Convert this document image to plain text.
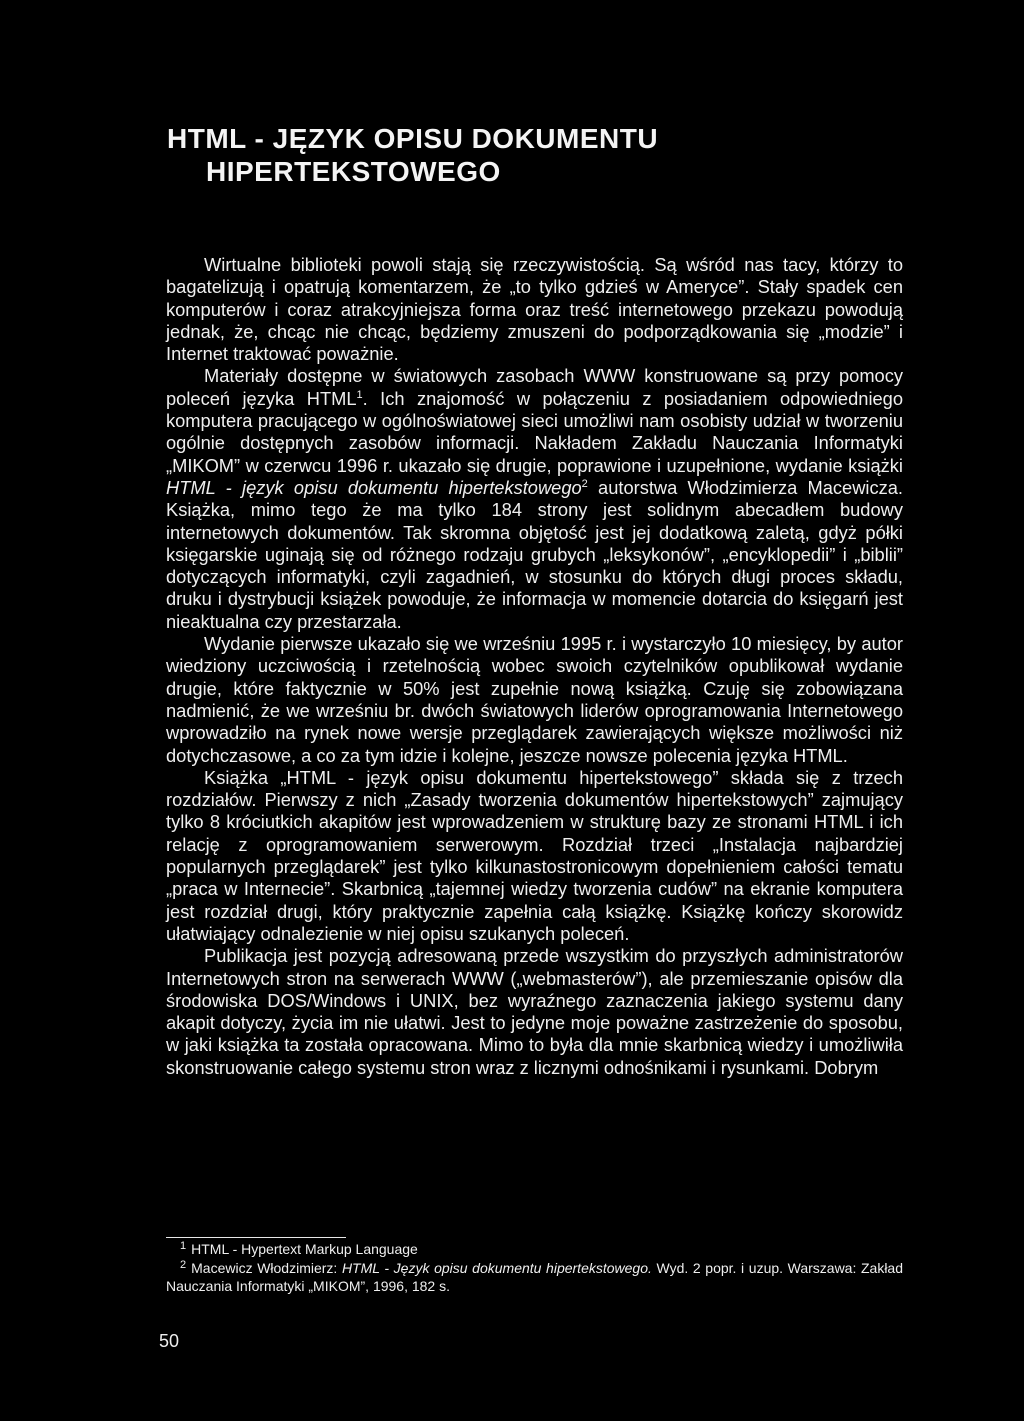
HTML - JĘZYK OPISU DOKUMENTU
HIPERTEKSTOWEGO

Wirtualne biblioteki powoli stają się rzeczywistością. Są wśród nas tacy, którzy to bagatelizują i opatrują komentarzem, że „to tylko gdzieś w Ameryce”. Stały spadek cen komputerów i coraz atrakcyjniejsza forma oraz treść internetowego przekazu powodują jednak, że, chcąc nie chcąc, będziemy zmuszeni do podporządkowania się „modzie” i Internet traktować poważnie.

Materiały dostępne w światowych zasobach WWW konstruowane są przy pomocy poleceń języka HTML$^1$. Ich znajomość w połączeniu z posiadaniem odpowiedniego komputera pracującego w ogólnoświatowej sieci umożliwi nam osobisty udział w tworzeniu ogólnie dostępnych zasobów informacji. Nakładem Zakładu Nauczania Informatyki „MIKOM” w czerwcu 1996 r. ukazało się drugie, poprawione i uzupełnione, wydanie książki HTML - język opisu dokumentu hipertekstowego$^2$ autorstwa Włodzimierza Macewicza. Książka, mimo tego że ma tylko 184 strony jest solidnym abecadłem budowy internetowych dokumentów. Tak skromna objętość jest jej dodatkową zaletą, gdyż półki księgarskie uginają się od różnego rodzaju grubych „leksykonów”, „encyklopedii” i „biblii” dotyczących informatyki, czyli zagadnień, w stosunku do których długi proces składu, druku i dystrybucji książek powoduje, że informacja w momencie dotarcia do księgarń jest nieaktualna czy przestarzała.

Wydanie pierwsze ukazało się we wrześniu 1995 r. i wystarczyło 10 miesięcy, by autor wiedziony uczciwością i rzetelnością wobec swoich czytelników opublikował wydanie drugie, które faktycznie w 50% jest zupełnie nową książką. Czuję się zobowiązana nadmienić, że we wrześniu br. dwóch światowych liderów oprogramowania Internetowego wprowadziło na rynek nowe wersje przeglądarek zawierających większe możliwości niż dotychczasowe, a co za tym idzie i kolejne, jeszcze nowsze polecenia języka HTML.

Książka „HTML - język opisu dokumentu hipertekstowego” składa się z trzech rozdziałów. Pierwszy z nich „Zasady tworzenia dokumentów hipertekstowych” zajmujący tylko 8 króciutkich akapitów jest wprowadzeniem w strukturę bazy ze stronami HTML i ich relację z oprogramowaniem serwerowym. Rozdział trzeci „Instalacja najbardziej popularnych przeglądarek” jest tylko kilkunastostronicowym dopełnieniem całości tematu „praca w Internecie”. Skarbnicą „tajemnej wiedzy tworzenia cudów” na ekranie komputera jest rozdział drugi, który praktycznie zapełnia całą książkę. Książkę kończy skorowidz ułatwiający odnalezienie w niej opisu szukanych poleceń.

Publikacja jest pozycją adresowaną przede wszystkim do przyszłych administratorów Internetowych stron na serwerach WWW („webmasterów”), ale przemieszanie opisów dla środowiska DOS/Windows i UNIX, bez wyraźnego zaznaczenia jakiego systemu dany akapit dotyczy, życia im nie ułatwi. Jest to jedyne moje poważne zastrzeżenie do sposobu, w jaki książka ta została opracowana. Mimo to była dla mnie skarbnicą wiedzy i umożliwiła skonstruowanie całego systemu stron wraz z licznymi odnośnikami i rysunkami. Dobrym

$^1$ HTML - Hypertext Markup Language

$^2$ Macewicz Włodzimierz: HTML - Język opisu dokumentu hipertekstowego. Wyd. 2 popr. i uzup. Warszawa: Zakład Nauczania Informatyki „MIKOM”, 1996, 182 s.

50
